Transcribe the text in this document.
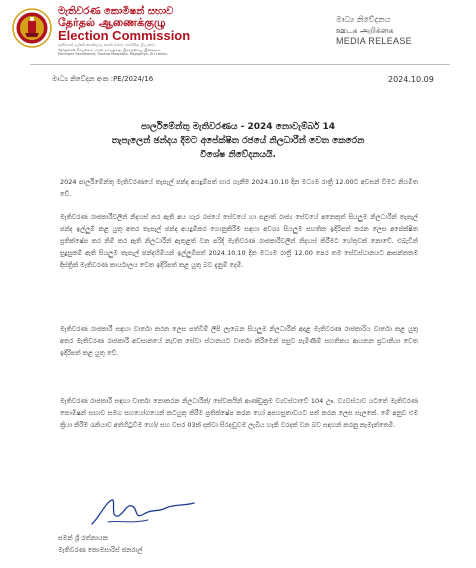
මැතිවරණ කොමිෂන් සභාව
தேர்தல் ஆணைக்குழு
Election Commission
මැතිවරණ ලේකම් කාර්යාලය, සරණ මාවත, රාජගිරිය, ශ්‍රී ලංකාව.
தேர்தல்கள் செயலகம், சரண மாவத்தை, இராஜகிரிய, இலங்கை.
Elections Secretariat, Sarana Mawatha, Rajagiriya, Sri Lanka.
මාධ්‍ය නිවේදනය
ஊடக அறிக்கை
MEDIA RELEASE
මාධ්‍ය නිවේදන අංක :PE/2024/16	2024.10.09
පාර්ලිමේන්තු මැතිවරණය - 2024 නොවැම්බර් 14
තැපැලෙන් ඡන්දය දීමට අපේක්ෂිත රජයේ නිලධාරීන් වෙත කෙරෙන
විශේෂ නිවේදනයයි.
2024 පාර්ලිමේන්තු මැතිවරණයේ තැපැල් ඡන්ද අයදුම්පත් භාර ගැනීම 2024.10.10 දින මධ්‍යම රාත්‍රී 12.00ට අවසන් වීමට නියමිත වේ.
මැතිවරණ රාජකාරීවලින් නිදහස් කර ඇති අය හැර රජයේ සේවයේ හා පළාත් රාජ්‍ය සේවයේ අනෙකුත් සියලුම නිලධාරීන් තැපැල් ඡන්ද ඉල්ලුම් කළ යුතු අතර තැපැල් ඡන්ද අයදුම්කර ගොනුකිරීම සඳහා අවශ්‍ය සියලුම සහතික ඉදිරිපත් කරන ලෙස අපේක්ෂිත ප්‍රතික්ෂේප කර නිම් කර ඇති නිලධාරීන් ඇතුළත් වන පරිදි මැතිවරණ රාජකාරීවලින් නිදහස් කිරීමට හේතුවක් නොවේ. එබැවින් සුදුසුකම් ඇති සියලුම තැපැල් ඡන්දහිමියන් ඉල්ලුම්පත් 2024.10.10 දින මධ්‍යම රාත්‍රී 12.00 පෙර තම සේවස්ථානයට ආසන්නතම දිස්ත්‍රික් මැතිවරණ කාර්යාලය වෙත ඉදිරිපත් කළ යුතු බව දැනුම් දෙමි.
මැතිවරණ රාජකාරී සඳහා වාර්තා කරන ලෙස පත්වීම් ලිපි ලැබෙන සියලුම නිලධාරීන් අදාළ මැතිවරණ රාජකාරිය වාර්තා කළ යුතු අතර මැතිවරණ රාජකාරී අවසානයේ නැවත සේවා ස්ථානයට වාර්තා කිරීමෙන් පසුව පැමිණීම් සහතිකය ආයතන ප්‍රධානියා වෙත ඉදිරිපත් කළ යුතු වේ.
මැතිවරණ රාජකාරී සඳහා වාර්තා නොකරන නිලධාරීන්/ සේවකයින් ආණ්ඩුක්‍රම ව්‍යවස්ථාවේ 104 ඌ. ව්‍යවස්ථාව යටතේ මැතිවරණ කොමිෂන් සභාව සමග සහයෝගයෙන් කටයුතු කිරීම ප්‍රතික්ෂේප කරන හෝ අපහසුතාවයට පත් කරන ලෙස සැලකේ. මේ අනුව එම ක්‍රියා කිරීම රැකියාව අත්හිටුවීම හෝ/ සහ වසර 03ක් දක්වා සිරදඬුවම ලැබිය හැකි වරදක් වන බව සඳහන් කරනු කැමැත්තෙමි.
සමන් ශ්‍රී රත්නායක
මැතිවරණ කොමසාරිස් ජනරාල්
